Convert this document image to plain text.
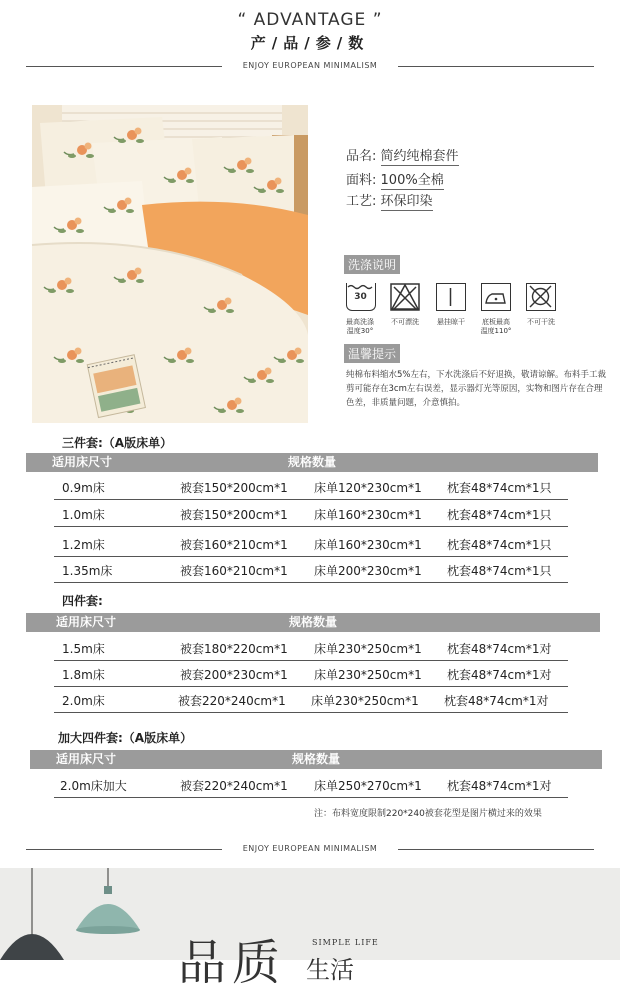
“ ADVANTAGE ”
产/品/参/数
ENJOY EUROPEAN MINIMALISM
品名: 简约纯棉套件
面料: 100%全棉
工艺: 环保印染
洗涤说明
30
最高洗涤
温度30°
不可漂洗	悬挂晾干	底板最高
温度110°
不可干洗
温馨提示
纯棉布料缩水5%左右，下水洗涤后不好退换，敬请谅解。布料手工裁剪可能存在3cm左右误差，显示器灯光等原因，实物和图片存在合理色差，非质量问题，介意慎拍。
三件套:（A版床单）
适用床尺寸	规格数量
0.9m床	被套150*200cm*1 床单120*230cm*1 枕套48*74cm*1只
1.0m床	被套150*200cm*1 床单160*230cm*1 枕套48*74cm*1只
1.2m床	被套160*210cm*1 床单160*230cm*1 枕套48*74cm*1只
1.35m床	被套160*210cm*1 床单200*230cm*1 枕套48*74cm*1只
四件套:
适用床尺寸	规格数量
1.5m床	被套180*220cm*1 床单230*250cm*1 枕套48*74cm*1对
1.8m床	被套200*230cm*1 床单230*250cm*1 枕套48*74cm*1对
2.0m床	被套220*240cm*1 床单230*250cm*1 枕套48*74cm*1对
加大四件套:（A版床单）
适用床尺寸	规格数量
2.0m床加大	被套220*240cm*1 床单250*270cm*1 枕套48*74cm*1对
注：布料宽度限制220*240被套花型是图片横过来的效果
ENJOY EUROPEAN MINIMALISM
品质	SIMPLE LIFE
生活
